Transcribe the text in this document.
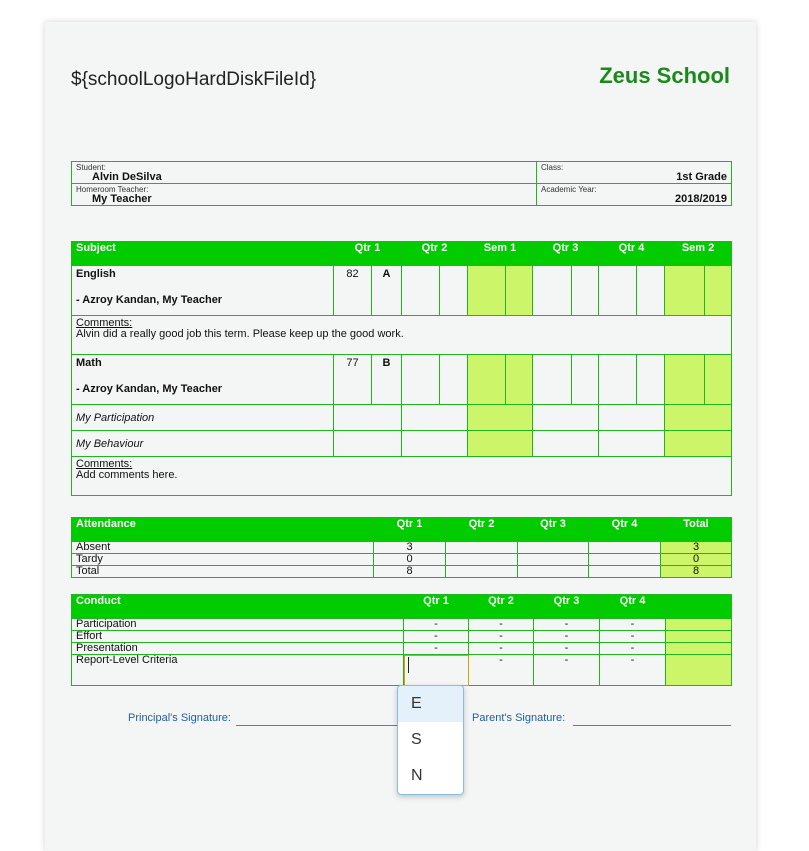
${schoolLogoHardDiskFileId}	Zeus School
Student:
Alvin DeSilva	Class:
1st Grade

Homeroom Teacher:
My Teacher	Academic Year:
2018/2019
Subject	Qtr 1		Qtr 2		Sem 1		Qtr 3		Qtr 4		Sem 2	
English
- Azroy Kandan, My Teacher	82	A										

Comments:
Alvin did a really good job this term. Please keep up the good work.												
Math
- Azroy Kandan, My Teacher	77	B										
My Participation												
My Behaviour												

Comments:
Add comments here.												
Attendance	Qtr 1	Qtr 2	Qtr 3	Qtr 4	Total
Absent	3				3
Tardy	0				0
Total	8				8
Conduct	Qtr 1	Qtr 2	Qtr 3	Qtr 4	
Participation	-	-	-	-	
Effort	-	-	-	-	
Presentation	-	-	-	-	
Report-Level Criteria		-	-	-	
Principal's Signature:	Parent's Signature:
E
S
N
